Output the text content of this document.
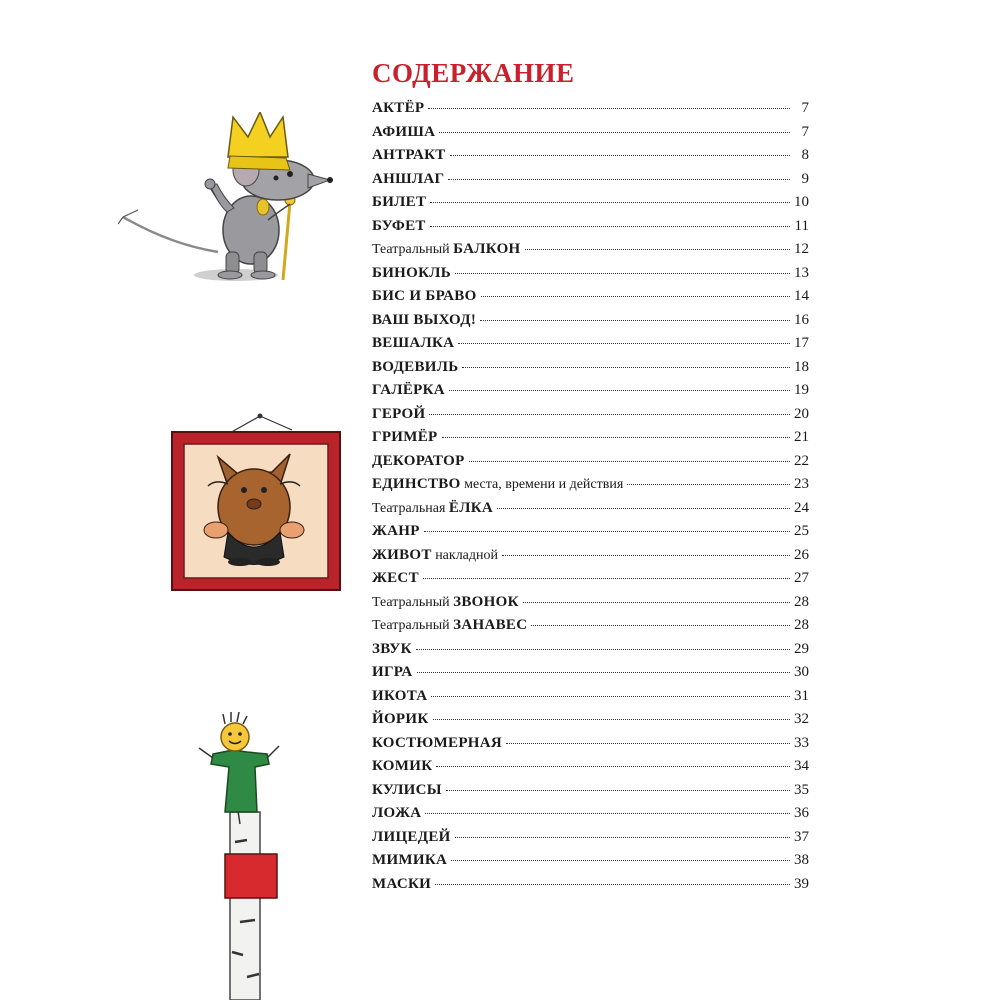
СОДЕРЖАНИЕ
АКТЁР	7
АФИША	7
АНТРАКТ	8
АНШЛАГ	9
БИЛЕТ	10
БУФЕТ	11
Театральный БАЛКОН	12
БИНОКЛЬ	13
БИС И БРАВО	14
ВАШ ВЫХОД!	16
ВЕШАЛКА	17
ВОДЕВИЛЬ	18
ГАЛЁРКА	19
ГЕРОЙ	20
ГРИМЁР	21
ДЕКОРАТОР	22
ЕДИНСТВО места, времени и действия	23
Театральная ЁЛКА	24
ЖАНР	25
ЖИВОТ накладной	26
ЖЕСТ	27
Театральный ЗВОНОК	28
Театральный ЗАНАВЕС	28
ЗВУК	29
ИГРА	30
ИКОТА	31
ЙОРИК	32
КОСТЮМЕРНАЯ	33
КОМИК	34
КУЛИСЫ	35
ЛОЖА	36
ЛИЦЕДЕЙ	37
МИМИКА	38
МАСКИ	39
